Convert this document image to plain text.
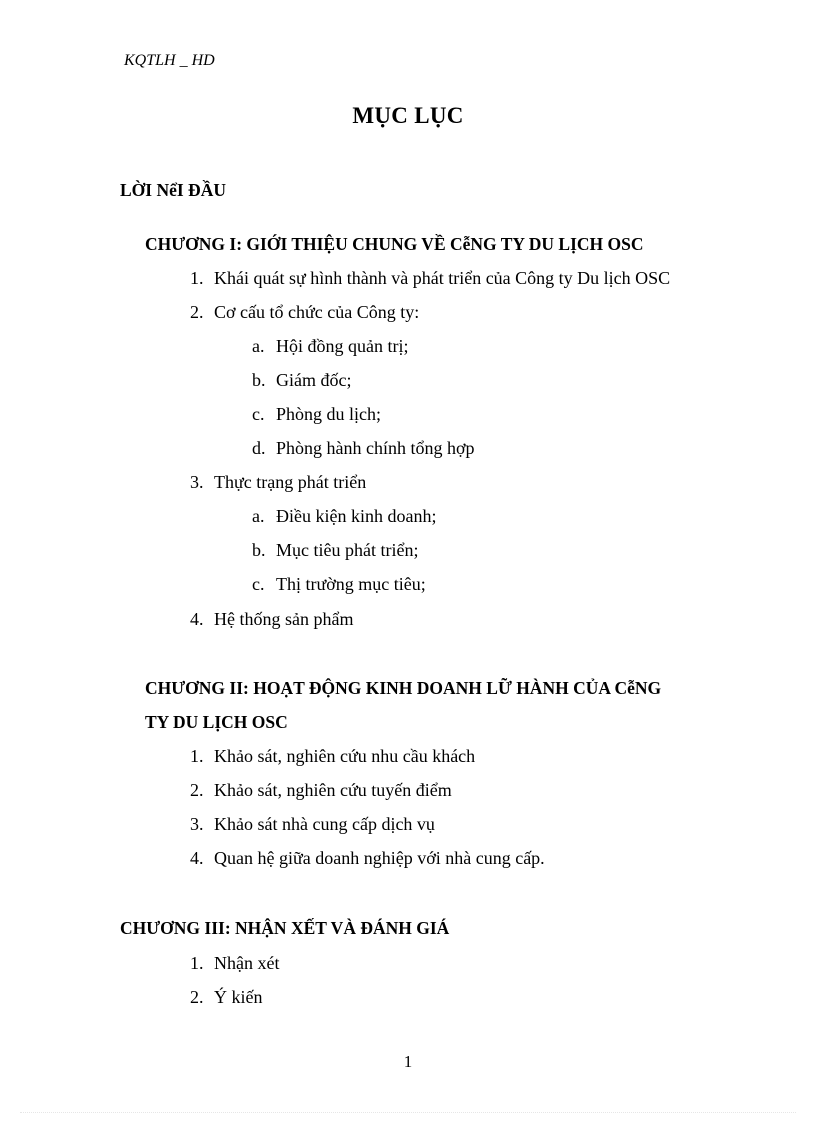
KQTLH _ HD
MỤC LỤC
LỜI NểI ĐẦU
CHƯƠNG I: GIỚI THIỆU CHUNG VỀ CễNG TY DU LỊCH OSC
1. Khái quát sự hình thành và phát triển của Công ty Du lịch OSC
2. Cơ cấu tổ chức của Công ty:
a. Hội đồng quản trị;
b. Giám đốc;
c. Phòng du lịch;
d. Phòng hành chính tổng hợp
3. Thực trạng phát triển
a. Điều kiện kinh doanh;
b. Mục tiêu phát triển;
c. Thị trường mục tiêu;
4. Hệ thống sản phẩm
CHƯƠNG II: HOẠT ĐỘNG KINH DOANH LỮ HÀNH CỦA CễNG
TY DU LỊCH OSC
1. Khảo sát, nghiên cứu nhu cầu khách
2. Khảo sát, nghiên cứu tuyến điểm
3. Khảo sát nhà cung cấp dịch vụ
4. Quan hệ giữa doanh nghiệp với nhà cung cấp.
CHƯƠNG III: NHẬN XẾT VÀ ĐÁNH GIÁ
1. Nhận xét
2. Ý kiến
1
